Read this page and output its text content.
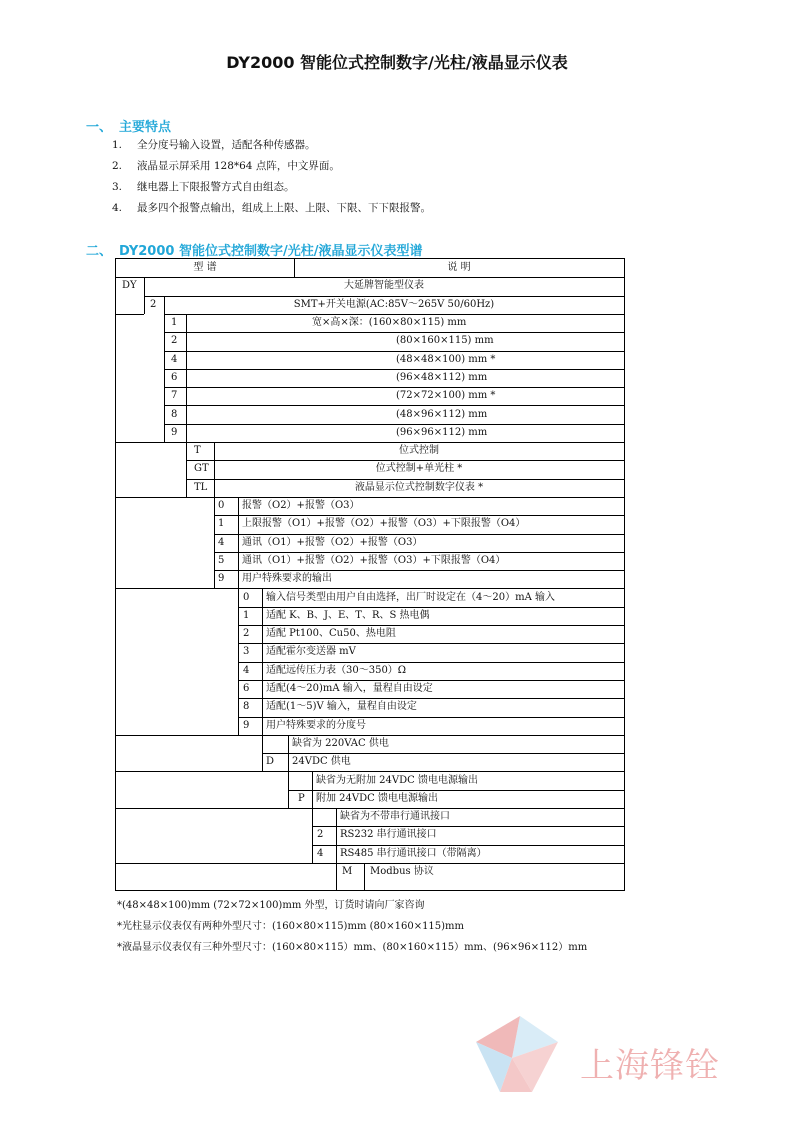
DY2000 智能位式控制数字/光柱/液晶显示仪表
一、 主要特点
1. 全分度号输入设置，适配各种传感器。
2. 液晶显示屏采用 128*64 点阵，中文界面。
3. 继电器上下限报警方式自由组态。
4. 最多四个报警点输出，组成上上限、上限、下限、下下限报警。
二、 DY2000 智能位式控制数字/光柱/液晶显示仪表型谱
型 谱	说 明
DY	大延牌智能型仪表
2	SMT+开关电源(AC:85V～265V 50/60Hz)
1	宽×高×深：(160×80×115) mm
2	(80×160×115) mm
4	(48×48×100) mm *
6	(96×48×112) mm
7	(72×72×100) mm *
8	(48×96×112) mm
9	(96×96×112) mm
T	位式控制
GT	位式控制+单光柱 *
TL	液晶显示位式控制数字仪表 *
0 报警（O2）+报警（O3）
1 上限报警（O1）+报警（O2）+报警（O3）+下限报警（O4）
4 通讯（O1）+报警（O2）+报警（O3）
5 通讯（O1）+报警（O2）+报警（O3）+下限报警（O4）
9 用户特殊要求的输出
0 输入信号类型由用户自由选择，出厂时设定在（4～20）mA 输入
1 适配 K、B、J、E、T、R、S 热电偶
2 适配 Pt100、Cu50、热电阻
3 适配霍尔变送器 mV
4 适配远传压力表（30～350）Ω
6 适配(4～20)mA 输入，量程自由设定
8 适配(1～5)V 输入，量程自由设定
9 用户特殊要求的分度号
缺省为 220VAC 供电
D 24VDC 供电
缺省为无附加 24VDC 馈电电源输出
P 附加 24VDC 馈电电源输出
缺省为不带串行通讯接口
2 RS232 串行通讯接口
4 RS485 串行通讯接口（带隔离）
M Modbus 协议
*(48×48×100)mm (72×72×100)mm 外型，订货时请向厂家咨询
*光柱显示仪表仅有两种外型尺寸：(160×80×115)mm (80×160×115)mm
*液晶显示仪表仅有三种外型尺寸：(160×80×115）mm、(80×160×115）mm、(96×96×112）mm
上海锋铨
